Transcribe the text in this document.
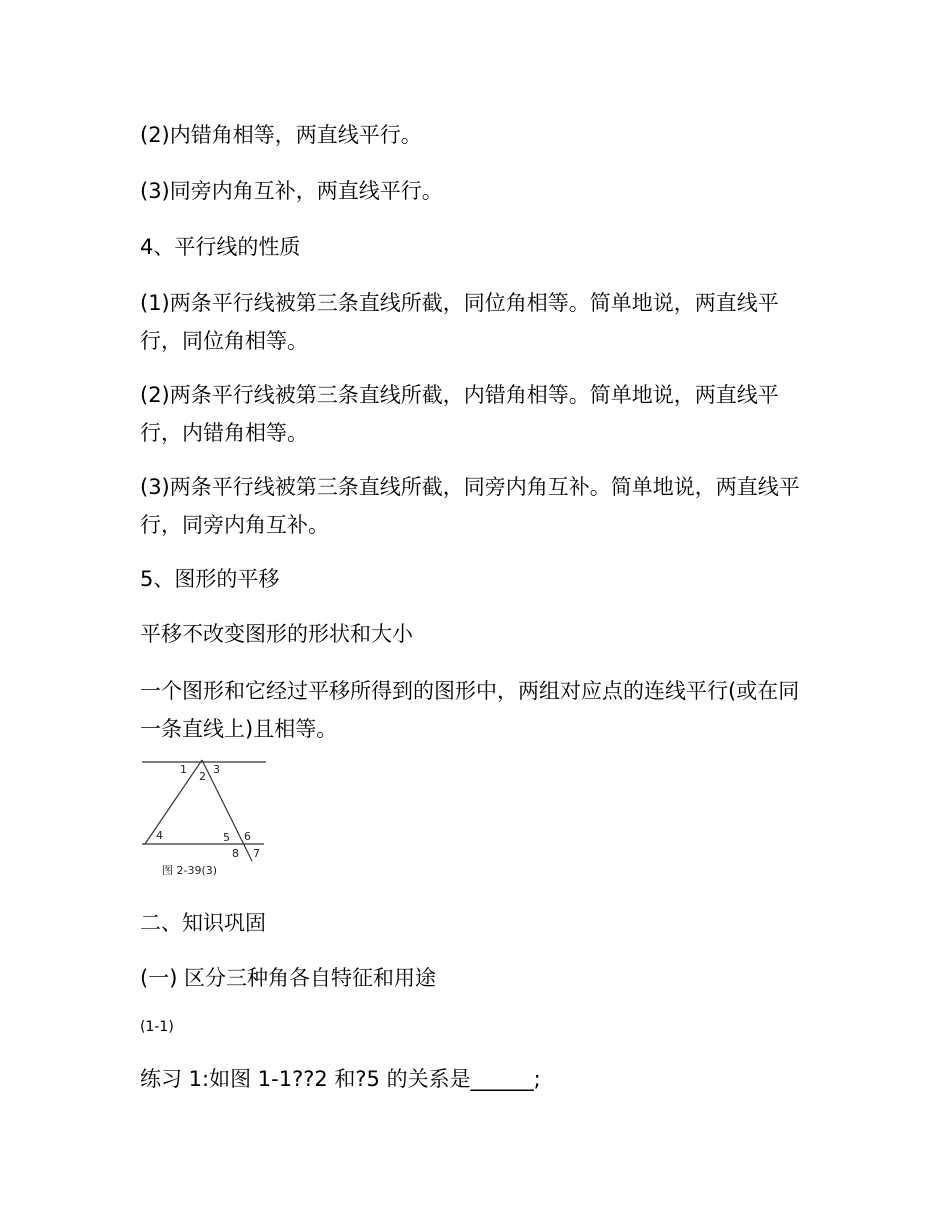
(2)内错角相等，两直线平行。

(3)同旁内角互补，两直线平行。

4、平行线的性质

(1)两条平行线被第三条直线所截，同位角相等。简单地说，两直线平行，同位角相等。

(2)两条平行线被第三条直线所截，内错角相等。简单地说，两直线平行，内错角相等。

(3)两条平行线被第三条直线所截，同旁内角互补。简单地说，两直线平行，同旁内角互补。

5、图形的平移

平移不改变图形的形状和大小

一个图形和它经过平移所得到的图形中，两组对应点的连线平行(或在同一条直线上)且相等。

1
2
3
4	5 6
7
8
图 2-39(3)

二、知识巩固

(一) 区分三种角各自特征和用途

(1-1)

练习 1:如图 1-1??2 和?5 的关系是______;
